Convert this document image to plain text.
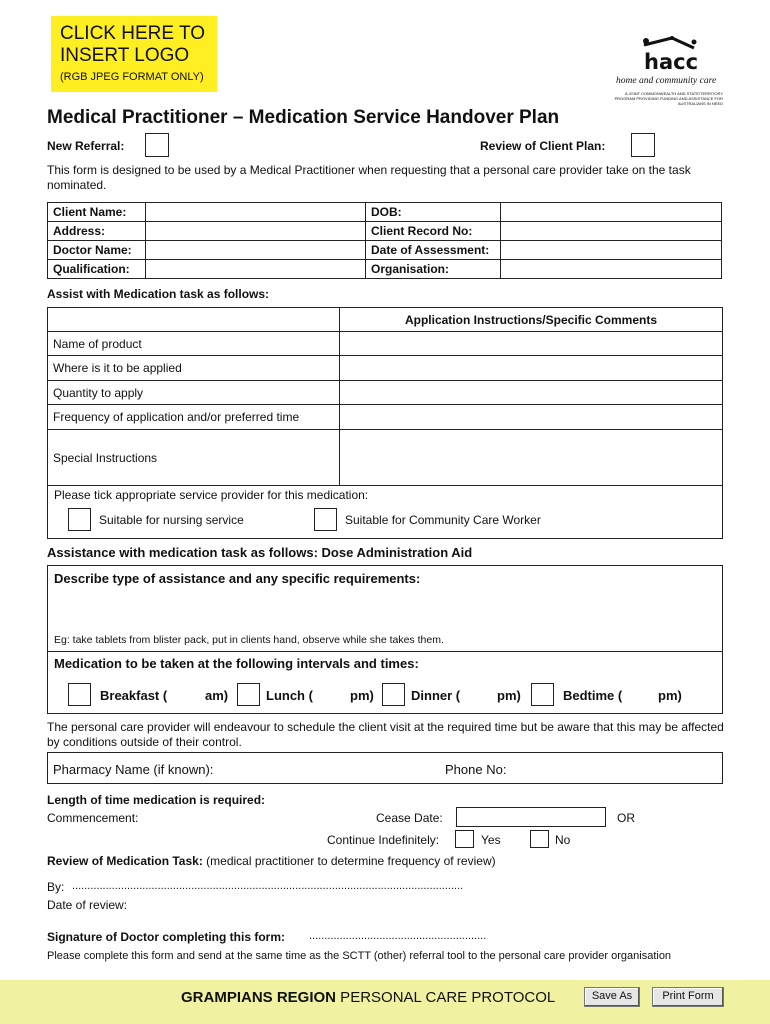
CLICK HERE TO
INSERT LOGO
(RGB JPEG FORMAT ONLY)
hacc
home and community care
A JOINT COMMONWEALTH AND STATE/TERRITORY PROGRAM PROVIDING FUNDING AND ASSISTANCE FOR AUSTRALIANS IN NEED
Medical Practitioner – Medication Service Handover Plan
New Referral:	Review of Client Plan:
This form is designed to be used by a Medical Practitioner when requesting that a personal care provider take on the task nominated.
Client Name:		DOB:	
Address:		Client Record No:	
Doctor Name:		Date of Assessment:	
Qualification:		Organisation:	
Assist with Medication task as follows:
	Application Instructions/Specific Comments
Name of product	
Where is it to be applied	
Quantity to apply	
Frequency of application and/or preferred time	
Special Instructions	
Please tick appropriate service provider for this medication:
Suitable for nursing service	Suitable for Community Care Worker
Assistance with medication task as follows: Dose Administration Aid
Describe type of assistance and any specific requirements:
Eg: take tablets from blister pack, put in clients hand, observe while she takes them.
Medication to be taken at the following intervals and times:
Breakfast (	am)	Lunch (	pm)	Dinner (	pm)	Bedtime (	pm)
The personal care provider will endeavour to schedule the client visit at the required time but be aware that this may be affected by conditions outside of their control.
Pharmacy Name (if known):	Phone No:
Length of time medication is required:
Commencement:	Cease Date:	OR
Continue Indefinitely:	Yes	No
Review of Medication Task: (medical practitioner to determine frequency of review)
By: ................................................................................................................................
Date of review:
Signature of Doctor completing this form: ..........................................................
Please complete this form and send at the same time as the SCTT (other) referral tool to the personal care provider organisation
GRAMPIANS REGION PERSONAL CARE PROTOCOL	Save As	Print Form
